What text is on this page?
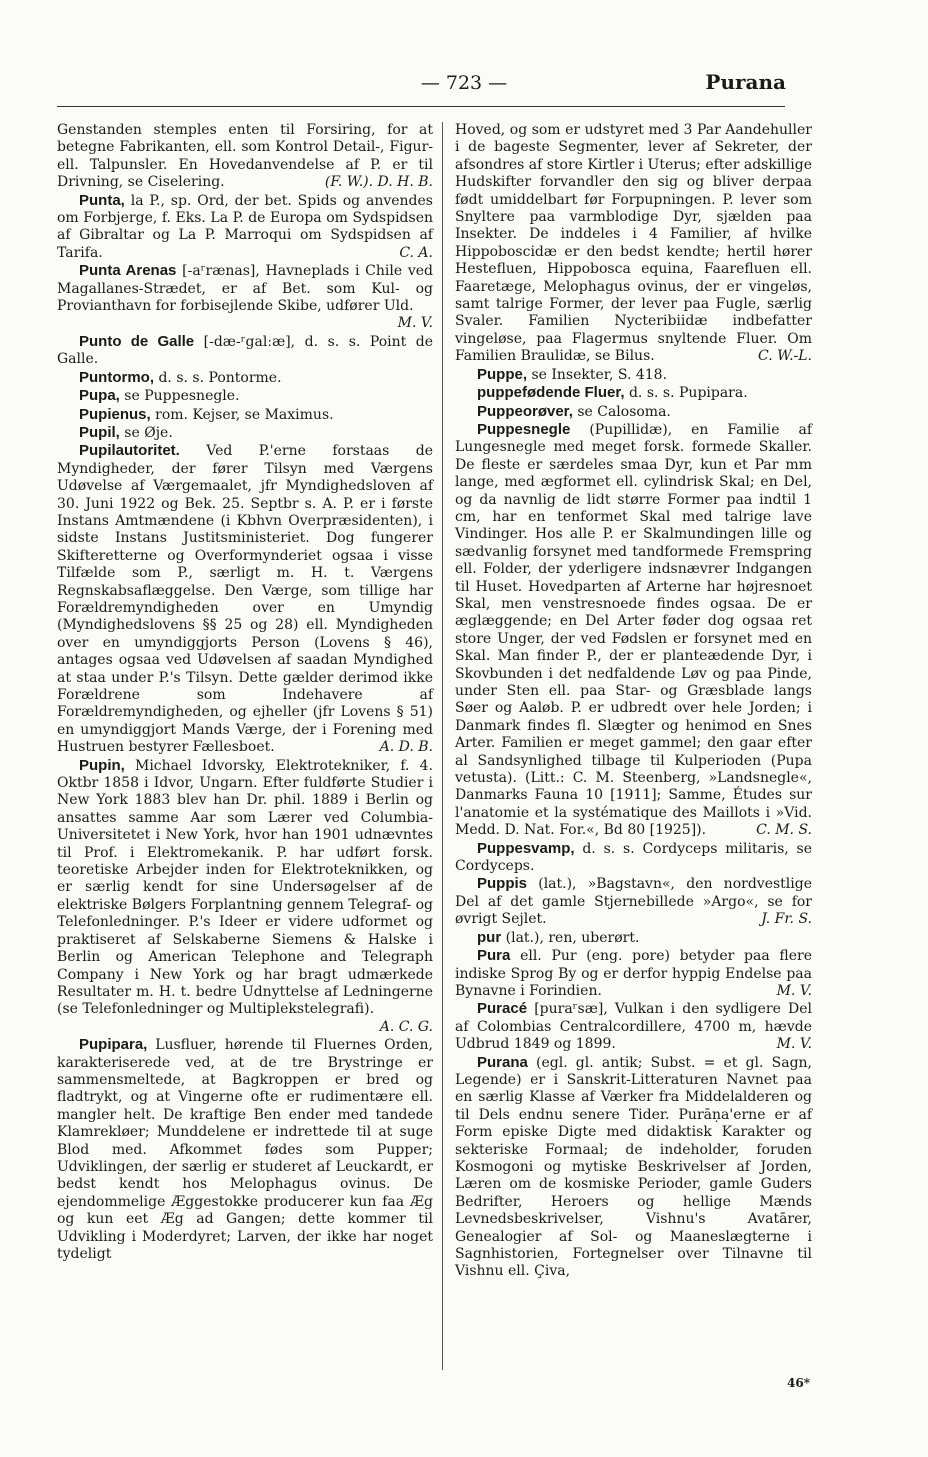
— 723 —	Purana

Genstanden stemples enten til Forsiring, for at betegne Fabrikanten, ell. som Kontrol Detail-, Figur- ell. Talpunsler. En Hovedanvendelse af P. er til Drivning, se Ciselering.	(F. W.). D. H. B.

Punta, la P., sp. Ord, der bet. Spids og anvendes om Forbjerge, f. Eks. La P. de Europa om Sydspidsen af Gibraltar og La P. Marroqui om Sydspidsen af Tarifa.	C. A.

Punta Arenas [-aʳrænas], Havneplads i Chile ved Magallanes-Strædet, er af Bet. som Kul- og Provianthavn for forbisejlende Skibe, udfører Uld.
M. V.

Punto de Galle [-dæ-ʳgalːæ], d. s. s. Point de Galle.

Puntormo, d. s. s. Pontorme.

Pupa, se Puppesnegle.

Pupienus, rom. Kejser, se Maximus.

Pupil, se Øje.

Pupilautoritet. Ved P.'erne forstaas de Myndigheder, der fører Tilsyn med Værgens Udøvelse af Værgemaalet, jfr Myndighedsloven af 30. Juni 1922 og Bek. 25. Septbr s. A. P. er i første Instans Amtmændene (i Kbhvn Overpræsidenten), i sidste Instans Justitsministeriet. Dog fungerer Skifteretterne og Overformynderiet ogsaa i visse Tilfælde som P., særligt m. H. t. Værgens Regnskabsaflæggelse. Den Værge, som tillige har Forældremyndigheden over en Umyndig (Myndighedslovens §§ 25 og 28) ell. Myndigheden over en umyndiggjorts Person (Lovens § 46), antages ogsaa ved Udøvelsen af saadan Myndighed at staa under P.'s Tilsyn. Dette gælder derimod ikke Forældrene som Indehavere af Forældremyndigheden, og ejheller (jfr Lovens § 51) en umyndiggjort Mands Værge, der i Forening med Hustruen bestyrer Fællesboet.	A. D. B.

Pupin, Michael Idvorsky, Elektrotekniker, f. 4. Oktbr 1858 i Idvor, Ungarn. Efter fuldførte Studier i New York 1883 blev han Dr. phil. 1889 i Berlin og ansattes samme Aar som Lærer ved Columbia-Universitetet i New York, hvor han 1901 udnævntes til Prof. i Elektromekanik. P. har udført forsk. teoretiske Arbejder inden for Elektroteknikken, og er særlig kendt for sine Undersøgelser af de elektriske Bølgers Forplantning gennem Telegraf- og Telefonledninger. P.'s Ideer er videre udformet og praktiseret af Selskaberne Siemens & Halske i Berlin og American Telephone and Telegraph Company i New York og har bragt udmærkede Resultater m. H. t. bedre Udnyttelse af Ledningerne (se Telefonledninger og Multiplekstelegrafi).
A. C. G.

Pupipara, Lusfluer, hørende til Fluernes Orden, karakteriserede ved, at de tre Brystringe er sammensmeltede, at Bagkroppen er bred og fladtrykt, og at Vingerne ofte er rudimentære ell. mangler helt. De kraftige Ben ender med tandede Klamrekløer; Munddelene er indrettede til at suge Blod med. Afkommet fødes som Pupper; Udviklingen, der særlig er studeret af Leuckardt, er bedst kendt hos Melophagus ovinus. De ejendommelige Æggestokke producerer kun faa Æg og kun eet Æg ad Gangen; dette kommer til Udvikling i Moderdyret; Larven, der ikke har noget tydeligt

Hoved, og som er udstyret med 3 Par Aandehuller i de bageste Segmenter, lever af Sekreter, der afsondres af store Kirtler i Uterus; efter adskillige Hudskifter forvandler den sig og bliver derpaa født umiddelbart før Forpupningen. P. lever som Snyltere paa varmblodige Dyr, sjælden paa Insekter. De inddeles i 4 Familier, af hvilke Hippoboscidæ er den bedst kendte; hertil hører Hestefluen, Hippobosca equina, Faarefluen ell. Faaretæge, Melophagus ovinus, der er vingeløs, samt talrige Former, der lever paa Fugle, særlig Svaler. Familien Nycteribiidæ indbefatter vingeløse, paa Flagermus snyltende Fluer. Om Familien Braulidæ, se Bilus.	C. W.-L.

Puppe, se Insekter, S. 418.

puppefødende Fluer, d. s. s. Pupipara.

Puppeorøver, se Calosoma.

Puppesnegle (Pupillidæ), en Familie af Lungesnegle med meget forsk. formede Skaller. De fleste er særdeles smaa Dyr, kun et Par mm lange, med ægformet ell. cylindrisk Skal; en Del, og da navnlig de lidt større Former paa indtil 1 cm, har en tenformet Skal med talrige lave Vindinger. Hos alle P. er Skalmundingen lille og sædvanlig forsynet med tandformede Fremspring ell. Folder, der yderligere indsnævrer Indgangen til Huset. Hovedparten af Arterne har højresnoet Skal, men venstresnoede findes ogsaa. De er æglæggende; en Del Arter føder dog ogsaa ret store Unger, der ved Fødslen er forsynet med en Skal. Man finder P., der er planteædende Dyr, i Skovbunden i det nedfaldende Løv og paa Pinde, under Sten ell. paa Star- og Græsblade langs Søer og Aaløb. P. er udbredt over hele Jorden; i Danmark findes fl. Slægter og henimod en Snes Arter. Familien er meget gammel; den gaar efter al Sandsynlighed tilbage til Kulperioden (Pupa vetusta). (Litt.: C. M. Steenberg, »Landsnegle«, Danmarks Fauna 10 [1911]; Samme, Études sur l'anatomie et la systématique des Maillots i »Vid. Medd. D. Nat. For.«, Bd 80 [1925]).	C. M. S.

Puppesvamp, d. s. s. Cordyceps militaris, se Cordyceps.

Puppis (lat.), »Bagstavn«, den nordvestlige Del af det gamle Stjernebillede »Argo«, se for øvrigt Sejlet.	J. Fr. S.

pur (lat.), ren, uberørt.

Pura ell. Pur (eng. pore) betyder paa flere indiske Sprog By og er derfor hyppig Endelse paa Bynavne i Forindien.	M. V.

Puracé [puraʳsæ], Vulkan i den sydligere Del af Colombias Centralcordillere, 4700 m, hævde Udbrud 1849 og 1899.	M. V.

Purana (egl. gl. antik; Subst. = et gl. Sagn, Legende) er i Sanskrit-Litteraturen Navnet paa en særlig Klasse af Værker fra Middelalderen og til Dels endnu senere Tider. Purāṇa'erne er af Form episke Digte med didaktisk Karakter og sekteriske Formaal; de indeholder, foruden Kosmogoni og mytiske Beskrivelser af Jorden, Læren om de kosmiske Perioder, gamle Guders Bedrifter, Heroers og hellige Mænds Levnedsbeskrivelser, Vishnu's Avatārer, Genealogier af Sol- og Maaneslægterne i Sagnhistorien, Fortegnelser over Tilnavne til Vishnu ell. Çiva,

46*
